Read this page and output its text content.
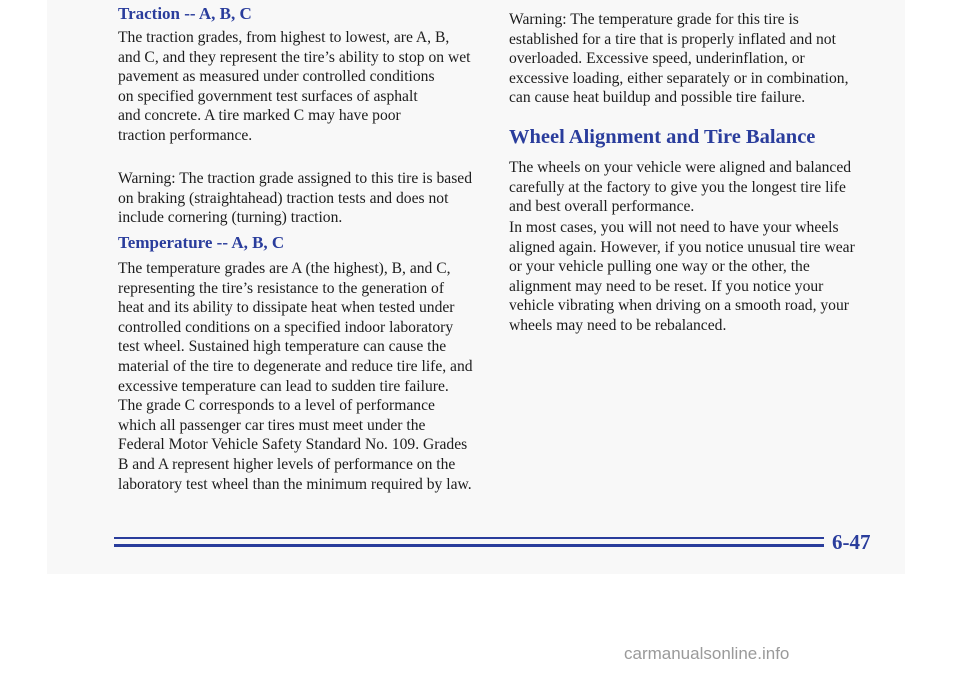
Traction -- A, B, C

The traction grades, from highest to lowest, are A, B,
and C, and they represent the tire’s ability to stop on wet
pavement as measured under controlled conditions
on specified government test surfaces of asphalt
and concrete. A tire marked C may have poor
traction performance.

Warning: The traction grade assigned to this tire is based
on braking (straightahead) traction tests and does not
include cornering (turning) traction.

Temperature -- A, B, C

The temperature grades are A (the highest), B, and C,
representing the tire’s resistance to the generation of
heat and its ability to dissipate heat when tested under
controlled conditions on a specified indoor laboratory
test wheel. Sustained high temperature can cause the
material of the tire to degenerate and reduce tire life, and
excessive temperature can lead to sudden tire failure.
The grade C corresponds to a level of performance
which all passenger car tires must meet under the
Federal Motor Vehicle Safety Standard No. 109. Grades
B and A represent higher levels of performance on the
laboratory test wheel than the minimum required by law.

Warning: The temperature grade for this tire is
established for a tire that is properly inflated and not
overloaded. Excessive speed, underinflation, or
excessive loading, either separately or in combination,
can cause heat buildup and possible tire failure.

Wheel Alignment and Tire Balance

The wheels on your vehicle were aligned and balanced
carefully at the factory to give you the longest tire life
and best overall performance.

In most cases, you will not need to have your wheels
aligned again. However, if you notice unusual tire wear
or your vehicle pulling one way or the other, the
alignment may need to be reset. If you notice your
vehicle vibrating when driving on a smooth road, your
wheels may need to be rebalanced.

6-47
carmanualsonline.info
